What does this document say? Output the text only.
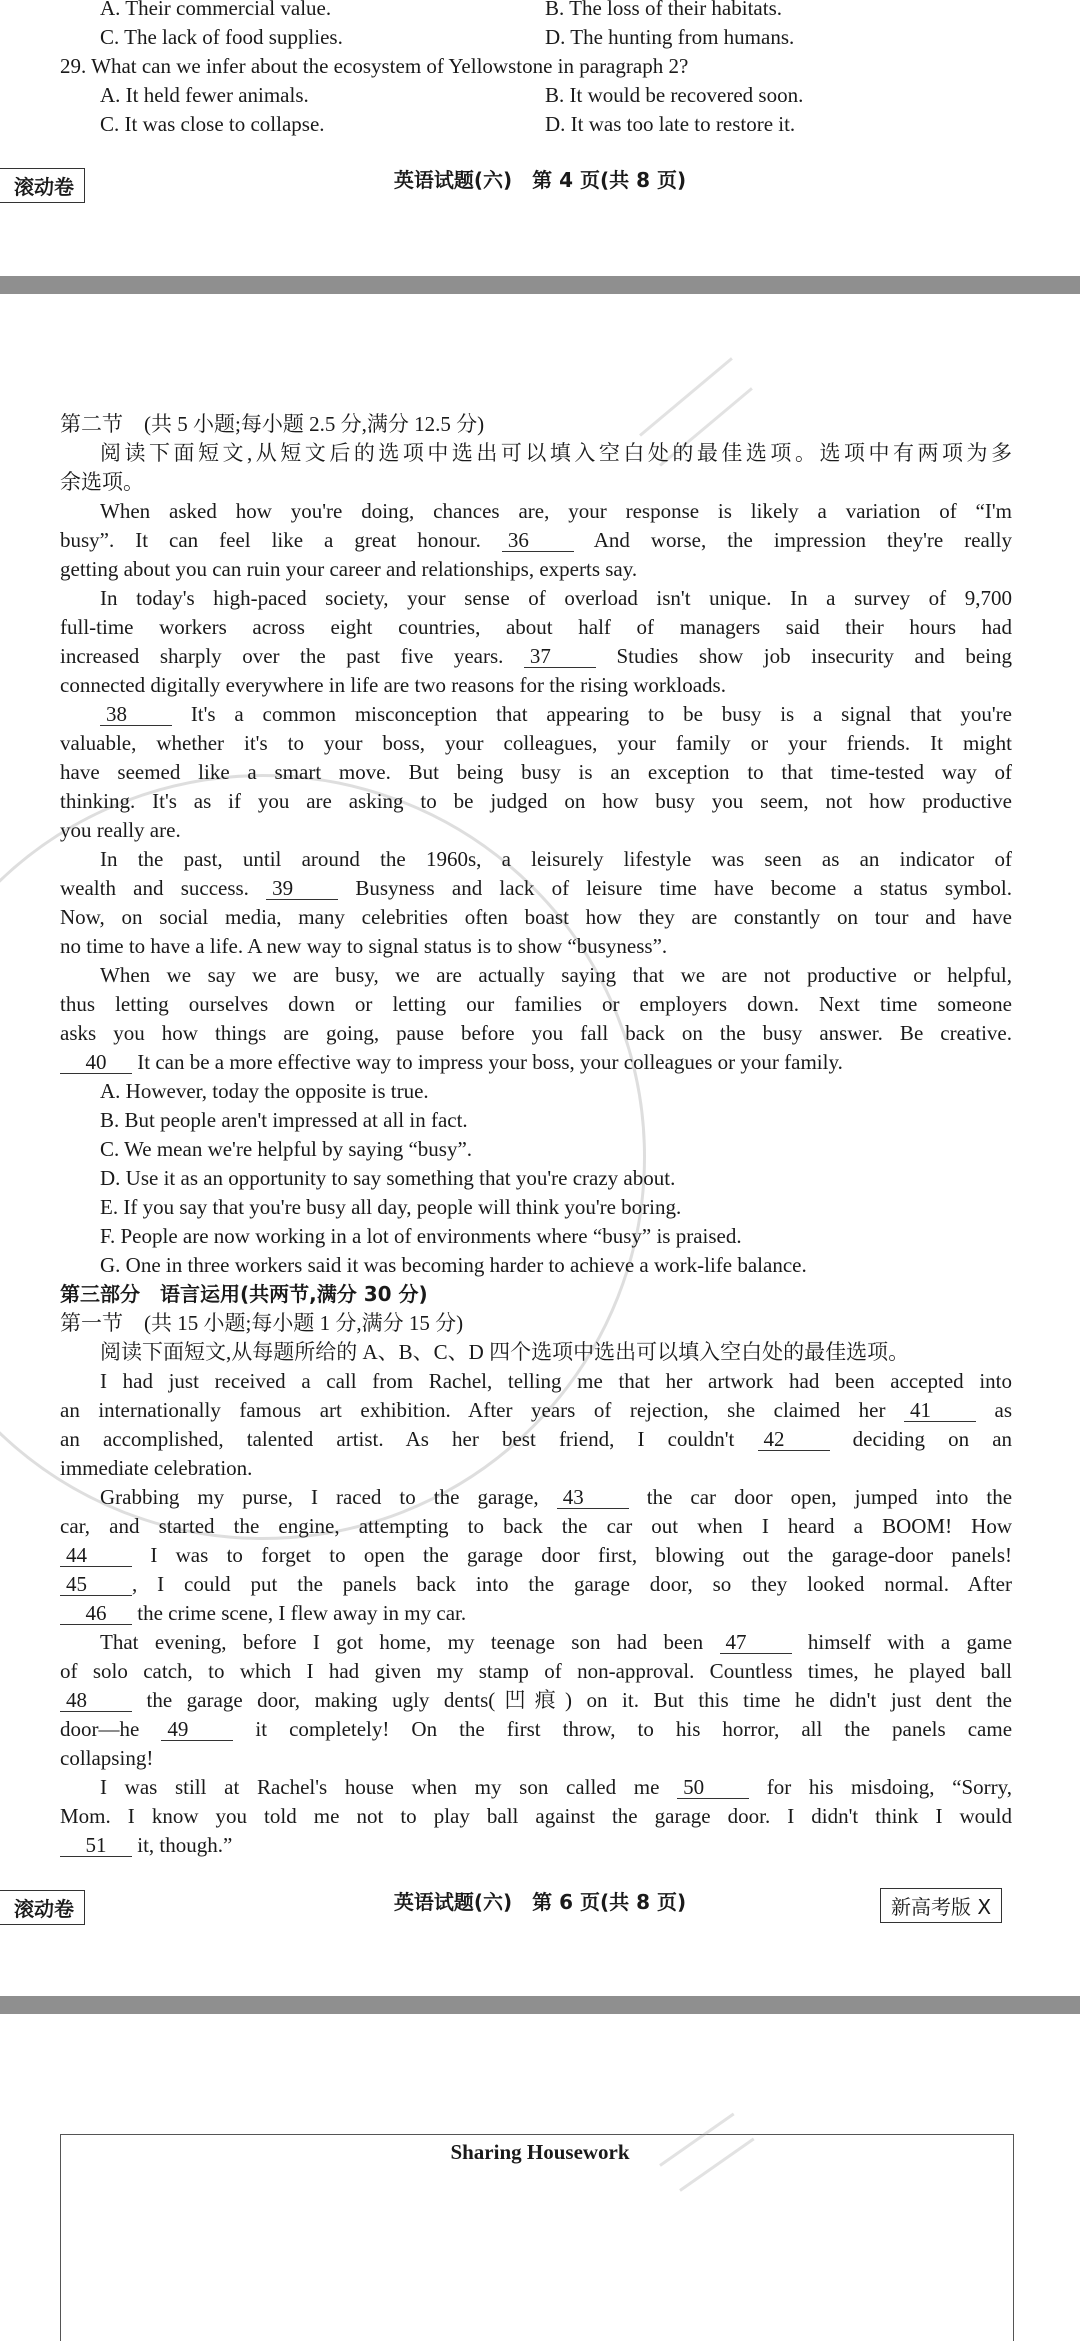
A. Their commercial value.	B. The loss of their habitats.
C. The lack of food supplies.	D. The hunting from humans.
29. What can we infer about the ecosystem of Yellowstone in paragraph 2?
A. It held fewer animals.	B. It would be recovered soon.
C. It was close to collapse.	D. It was too late to restore it.
滚动卷	英语试题(六)　第 4 页(共 8 页)
第二节　(共 5 小题;每小题 2.5 分,满分 12.5 分)
阅读下面短文,从短文后的选项中选出可以填入空白处的最佳选项。选项中有两项为多
余选项。
When asked how you're doing, chances are, your response is likely a variation of “I'm
busy”. It can feel like a great honour. 36	And worse, the impression they're really
getting about you can ruin your career and relationships, experts say.
In today's high-paced society, your sense of overload isn't unique. In a survey of 9,700
full-time workers across eight countries, about half of managers said their hours had
increased sharply over the past five years. 37	Studies show job insecurity and being
connected digitally everywhere in life are two reasons for the rising workloads.
38	It's a common misconception that appearing to be busy is a signal that you're
valuable, whether it's to your boss, your colleagues, your family or your friends. It might
have seemed like a smart move. But being busy is an exception to that time-tested way of
thinking. It's as if you are asking to be judged on how busy you seem, not how productive
you really are.
In the past, until around the 1960s, a leisurely lifestyle was seen as an indicator of
wealth and success. 39	Busyness and lack of leisure time have become a status symbol.
Now, on social media, many celebrities often boast how they are constantly on tour and have
no time to have a life. A new way to signal status is to show “busyness”.
When we say we are busy, we are actually saying that we are not productive or helpful,
thus letting ourselves down or letting our families or employers down. Next time someone
asks you how things are going, pause before you fall back on the busy answer. Be creative.
40 It can be a more effective way to impress your boss, your colleagues or your family.
A. However, today the opposite is true.
B. But people aren't impressed at all in fact.
C. We mean we're helpful by saying “busy”.
D. Use it as an opportunity to say something that you're crazy about.
E. If you say that you're busy all day, people will think you're boring.
F. People are now working in a lot of environments where “busy” is praised.
G. One in three workers said it was becoming harder to achieve a work-life balance.
第三部分　语言运用(共两节,满分 30 分)
第一节　(共 15 小题;每小题 1 分,满分 15 分)
阅读下面短文,从每题所给的 A、B、C、D 四个选项中选出可以填入空白处的最佳选项。
I had just received a call from Rachel, telling me that her artwork had been accepted into
an internationally famous art exhibition. After years of rejection, she claimed her 41	as
an accomplished, talented artist. As her best friend, I couldn't 42	deciding on an
immediate celebration.
Grabbing my purse, I raced to the garage, 43	the car door open, jumped into the
car, and started the engine, attempting to back the car out when I heard a BOOM! How
44	I was to forget to open the garage door first, blowing out the garage-door panels!
45 , I could put the panels back into the garage door, so they looked normal. After
46 the crime scene, I flew away in my car.
That evening, before I got home, my teenage son had been 47	himself with a game
of solo catch, to which I had given my stamp of non-approval. Countless times, he played ball
48	the garage door, making ugly dents(凹痕) on it. But this time he didn't just dent the
door—he 49	it completely! On the first throw, to his horror, all the panels came
collapsing!
I was still at Rachel's house when my son called me 50	for his misdoing, “Sorry,
Mom. I know you told me not to play ball against the garage door. I didn't think I would
51 it, though.”
滚动卷	英语试题(六)　第 6 页(共 8 页)	新高考版 X
Sharing Housework
